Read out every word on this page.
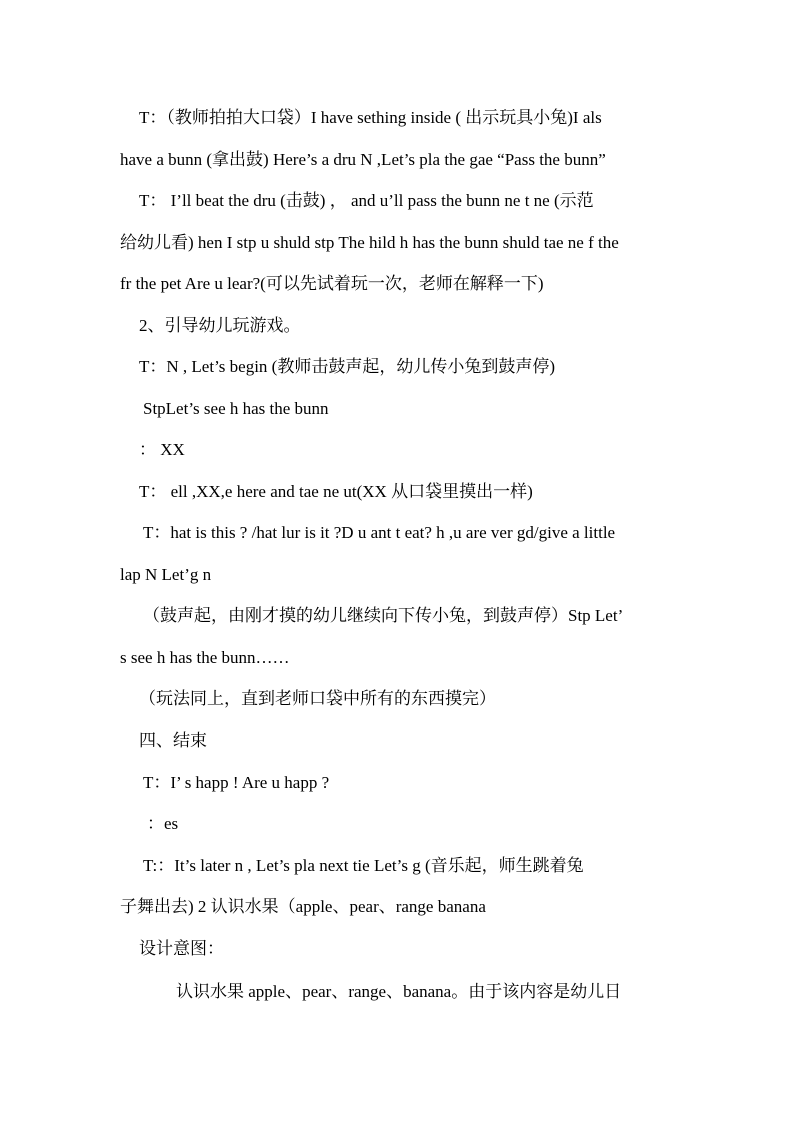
T：（教师拍拍大口袋）I have sething inside ( 出示玩具小兔)I als
have a bunn (拿出鼓) Here’s a dru N ,Let’s pla the gae “Pass the bunn”
T： I’ll beat the dru (击鼓) ， and u’ll pass the bunn ne t ne (示范
给幼儿看) hen I stp u shuld stp The hild h has the bunn shuld tae ne f the
fr the pet Are u lear?(可以先试着玩一次，老师在解释一下)
2、引导幼儿玩游戏。
T：N , Let’s begin (教师击鼓声起，幼儿传小兔到鼓声停)
StpLet’s see h has the bunn
： XX
T： ell ,XX,e here and tae ne ut(XX 从口袋里摸出一样)
T：hat is this ? /hat lur is it ?D u ant t eat? h ,u are ver gd/give a little
lap N Let’g n
（鼓声起，由刚才摸的幼儿继续向下传小兔，到鼓声停）Stp Let’
s see h has the bunn……
（玩法同上，直到老师口袋中所有的东西摸完）
四、结束
T：I’ s happ ! Are u happ ?
：es
T:：It’s later n , Let’s pla next tie Let’s g (音乐起，师生跳着兔
子舞出去) 2 认识水果（apple、pear、range banana
设计意图：
认识水果 apple、pear、range、banana。由于该内容是幼儿日
